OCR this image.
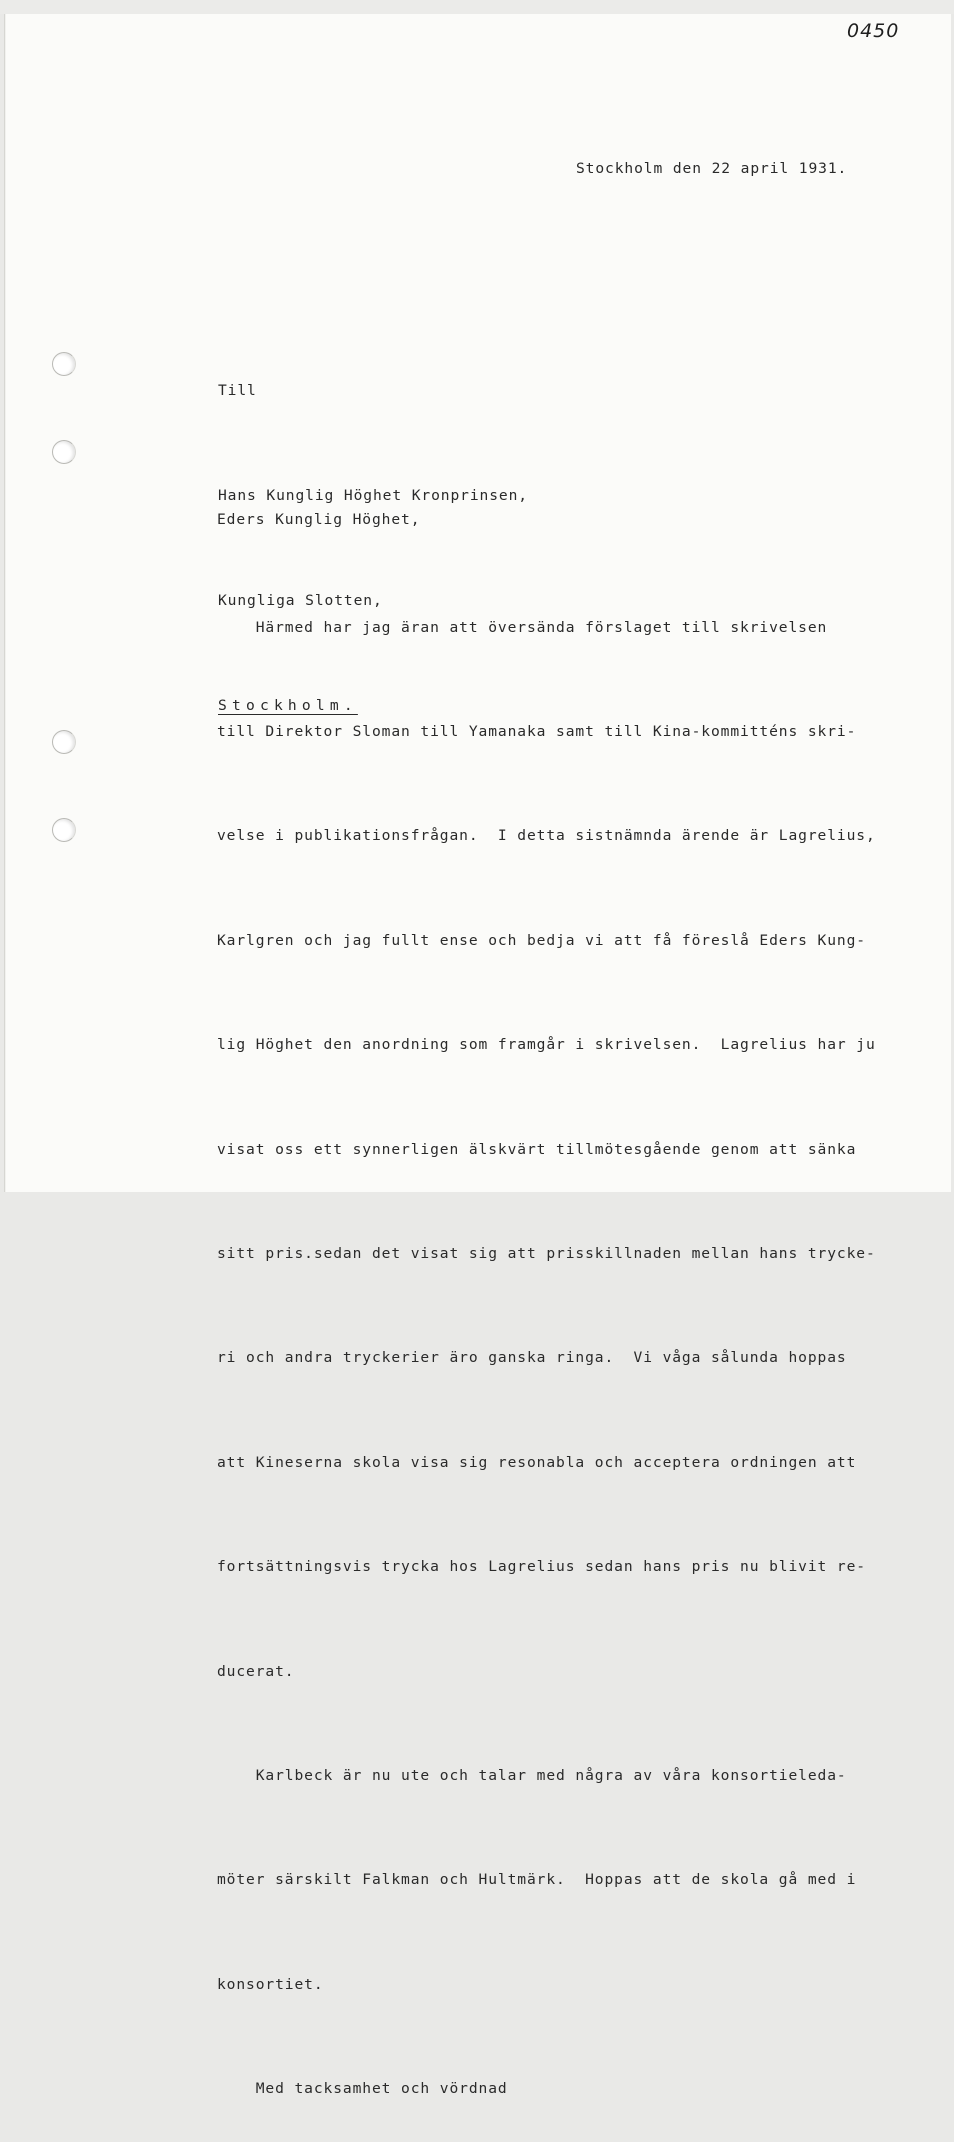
0450
Stockholm den 22 april 1931.

Till

Hans Kunglig Höghet Kronprinsen,

Kungliga Slotten,

Stockholm.

Eders Kunglig Höghet,

Härmed har jag äran att översända förslaget till skrivelsen

till Direktor Sloman till Yamanaka samt till Kina-kommitténs skri-

velse i publikationsfrågan.  I detta sistnämnda ärende är Lagrelius,

Karlgren och jag fullt ense och bedja vi att få föreslå Eders Kung-

lig Höghet den anordning som framgår i skrivelsen.  Lagrelius har ju

visat oss ett synnerligen älskvärt tillmötesgående genom att sänka

sitt pris.sedan det visat sig att prisskillnaden mellan hans trycke-

ri och andra tryckerier äro ganska ringa.  Vi våga sålunda hoppas

att Kineserna skola visa sig resonabla och acceptera ordningen att

fortsättningsvis trycka hos Lagrelius sedan hans pris nu blivit re-

ducerat.

Karlbeck är nu ute och talar med några av våra konsortieleda-

möter särskilt Falkman och Hultmärk.  Hoppas att de skola gå med i

konsortiet.

Med tacksamhet och vördnad
